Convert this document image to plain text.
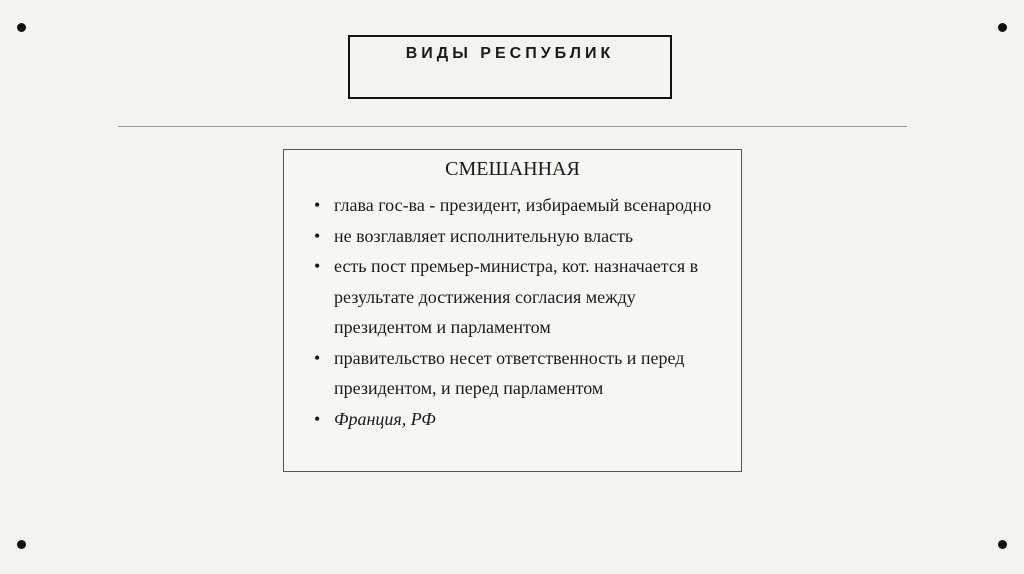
ВИДЫ РЕСПУБЛИК
СМЕШАННАЯ
• глава гос-ва - президент, избираемый всенародно
• не возглавляет исполнительную власть
• есть пост премьер-министра, кот. назначается в результате достижения согласия между президентом и парламентом
• правительство несет ответственность и перед президентом, и перед парламентом
• Франция, РФ
